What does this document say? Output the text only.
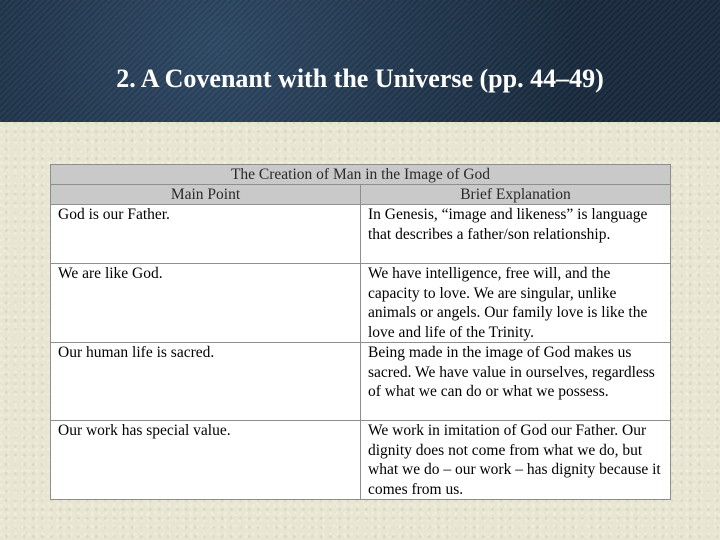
2. A Covenant with the Universe (pp. 44–49)
The Creation of Man in the Image of God	
Main Point	Brief Explanation
God is our Father.	In Genesis, “image and likeness” is language that describes a father/son relationship.
We are like God.	We have intelligence, free will, and the capacity to love. We are singular, unlike animals or angels. Our family love is like the love and life of the Trinity.
Our human life is sacred.	Being made in the image of God makes us sacred. We have value in ourselves, regardless of what we can do or what we possess.
Our work has special value.	We work in imitation of God our Father. Our dignity does not come from what we do, but what we do – our work – has dignity because it comes from us.
